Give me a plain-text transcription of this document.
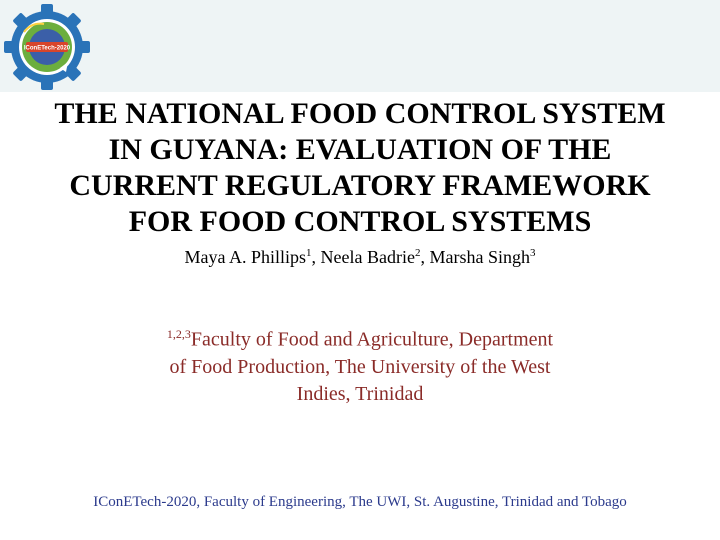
IConETech-2020
THE NATIONAL FOOD CONTROL SYSTEM
IN GUYANA: EVALUATION OF THE
CURRENT REGULATORY FRAMEWORK
FOR FOOD CONTROL SYSTEMS
Maya A. Phillips$^1$, Neela Badrie$^2$, Marsha Singh$^3$
$^{1,2,3}$Faculty of Food and Agriculture, Department
of Food Production, The University of the West
Indies, Trinidad
IConETech-2020, Faculty of Engineering, The UWI, St. Augustine, Trinidad and Tobago
